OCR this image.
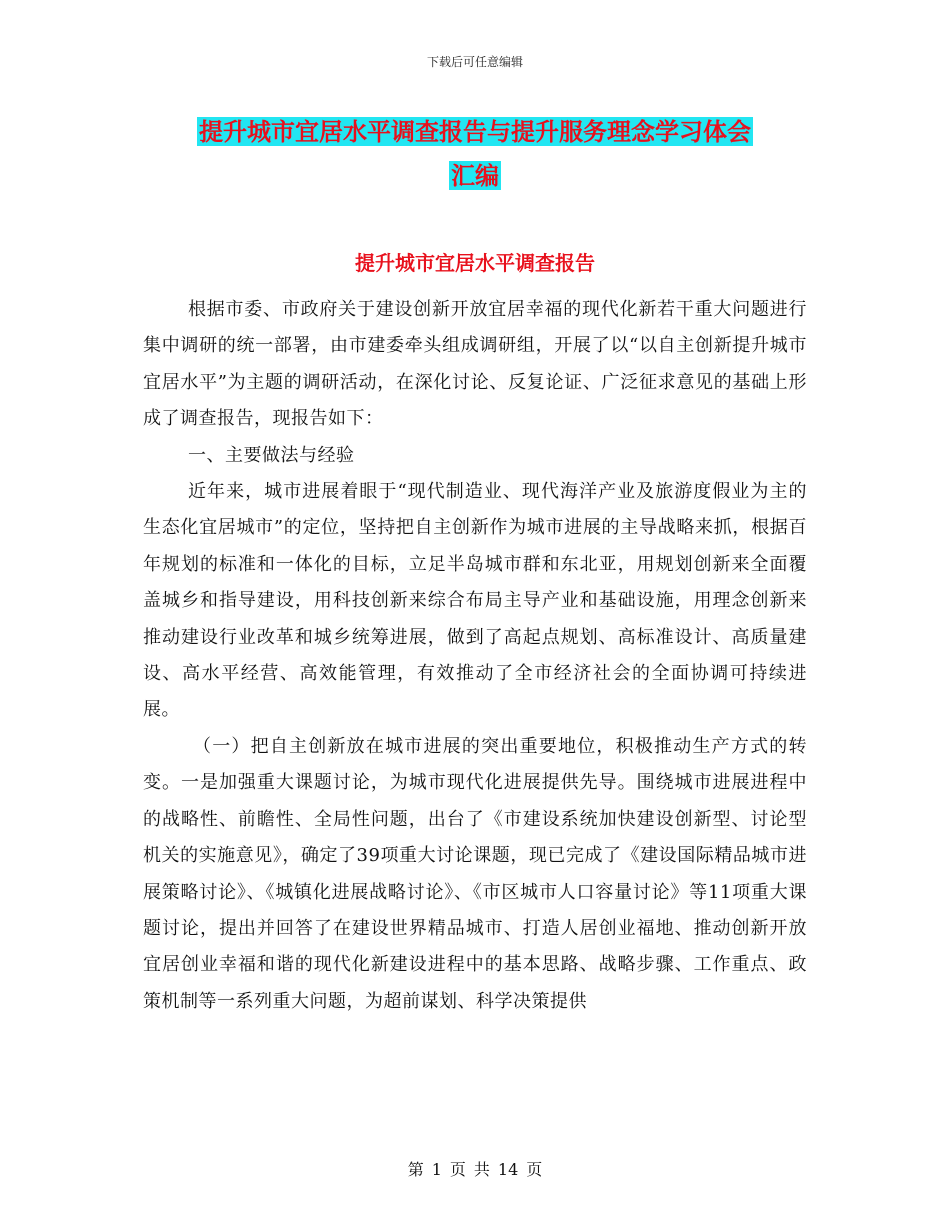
下载后可任意编辑
提升城市宜居水平调查报告与提升服务理念学习体会
汇编
提升城市宜居水平调查报告

根据市委、市政府关于建设创新开放宜居幸福的现代化新若干重大问题进行集中调研的统一部署，由市建委牵头组成调研组，开展了以“以自主创新提升城市宜居水平”为主题的调研活动，在深化讨论、反复论证、广泛征求意见的基础上形成了调查报告，现报告如下：

一、主要做法与经验

近年来，城市进展着眼于“现代制造业、现代海洋产业及旅游度假业为主的生态化宜居城市”的定位，坚持把自主创新作为城市进展的主导战略来抓，根据百年规划的标准和一体化的目标，立足半岛城市群和东北亚，用规划创新来全面覆盖城乡和指导建设，用科技创新来综合布局主导产业和基础设施，用理念创新来推动建设行业改革和城乡统筹进展，做到了高起点规划、高标准设计、高质量建设、高水平经营、高效能管理，有效推动了全市经济社会的全面协调可持续进展。

（一）把自主创新放在城市进展的突出重要地位，积极推动生产方式的转变。一是加强重大课题讨论，为城市现代化进展提供先导。围绕城市进展进程中的战略性、前瞻性、全局性问题，出台了《市建设系统加快建设创新型、讨论型机关的实施意见》，确定了39项重大讨论课题，现已完成了《建设国际精品城市进展策略讨论》、《城镇化进展战略讨论》、《市区城市人口容量讨论》等11项重大课题讨论，提出并回答了在建设世界精品城市、打造人居创业福地、推动创新开放宜居创业幸福和谐的现代化新建设进程中的基本思路、战略步骤、工作重点、政策机制等一系列重大问题，为超前谋划、科学决策提供

第 1 页 共 14 页
